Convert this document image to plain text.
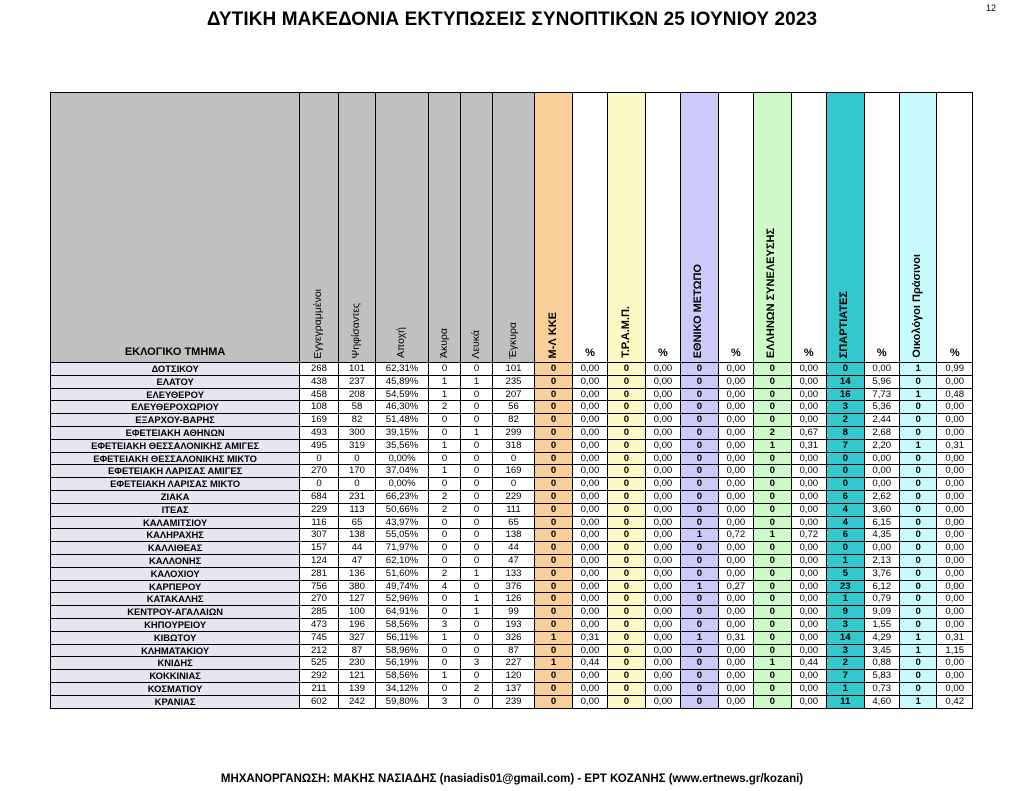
12
ΔΥΤΙΚΗ ΜΑΚΕΔΟΝΙΑ ΕΚΤΥΠΩΣΕΙΣ ΣΥΝΟΠΤΙΚΩΝ 25 ΙΟΥΝΙΟΥ 2023
ΕΚΛΟΓΙΚΟ ΤΜΗΜΑ	Εγγεγραμμένοι	Ψηφίσαντες	Αποχή	Άκυρα	Λευκά	Έγκυρα	Μ-Λ ΚΚΕ	%	Τ.Ρ.Α.Μ.Π.	%	ΕΘΝΙΚΟ ΜΕΤΩΠΟ	%	ΕΛΛΗΝΩΝ ΣΥΝΕΛΕΥΣΗΣ	%	ΣΠΑΡΤΙΑΤΕΣ	%	Οικολόγοι Πράσινοι	%
ΔΟΤΣΙΚΟΥ	268	101	62,31%	0	0	101	0	0,00	0	0,00	0	0,00	0	0,00	0	0,00	1	0,99
ΕΛΑΤΟΥ	438	237	45,89%	1	1	235	0	0,00	0	0,00	0	0,00	0	0,00	14	5,96	0	0,00
ΕΛΕΥΘΕΡΟΥ	458	208	54,59%	1	0	207	0	0,00	0	0,00	0	0,00	0	0,00	16	7,73	1	0,48
ΕΛΕΥΘΕΡΟΧΩΡΙΟΥ	108	58	46,30%	2	0	56	0	0,00	0	0,00	0	0,00	0	0,00	3	5,36	0	0,00
ΕΞΑΡΧΟΥ-ΒΑΡΗΣ	169	82	51,48%	0	0	82	0	0,00	0	0,00	0	0,00	0	0,00	2	2,44	0	0,00
ΕΦΕΤΕΙΑΚΗ ΑΘΗΝΩΝ	493	300	39,15%	0	1	299	0	0,00	0	0,00	0	0,00	2	0,67	8	2,68	0	0,00
ΕΦΕΤΕΙΑΚΗ ΘΕΣΣΑΛΟΝΙΚΗΣ ΑΜΙΓΕΣ	495	319	35,56%	1	0	318	0	0,00	0	0,00	0	0,00	1	0,31	7	2,20	1	0,31
ΕΦΕΤΕΙΑΚΗ ΘΕΣΣΑΛΟΝΙΚΗΣ ΜΙΚΤΟ	0	0	0,00%	0	0	0	0	0,00	0	0,00	0	0,00	0	0,00	0	0,00	0	0,00
ΕΦΕΤΕΙΑΚΗ ΛΑΡΙΣΑΣ ΑΜΙΓΕΣ	270	170	37,04%	1	0	169	0	0,00	0	0,00	0	0,00	0	0,00	0	0,00	0	0,00
ΕΦΕΤΕΙΑΚΗ ΛΑΡΙΣΑΣ ΜΙΚΤΟ	0	0	0,00%	0	0	0	0	0,00	0	0,00	0	0,00	0	0,00	0	0,00	0	0,00
ΖΙΑΚΑ	684	231	66,23%	2	0	229	0	0,00	0	0,00	0	0,00	0	0,00	6	2,62	0	0,00
ΙΤΕΑΣ	229	113	50,66%	2	0	111	0	0,00	0	0,00	0	0,00	0	0,00	4	3,60	0	0,00
ΚΑΛΑΜΙΤΣΙΟΥ	116	65	43,97%	0	0	65	0	0,00	0	0,00	0	0,00	0	0,00	4	6,15	0	0,00
ΚΑΛΗΡΑΧΗΣ	307	138	55,05%	0	0	138	0	0,00	0	0,00	1	0,72	1	0,72	6	4,35	0	0,00
ΚΑΛΛΙΘΕΑΣ	157	44	71,97%	0	0	44	0	0,00	0	0,00	0	0,00	0	0,00	0	0,00	0	0,00
ΚΑΛΛΟΝΗΣ	124	47	62,10%	0	0	47	0	0,00	0	0,00	0	0,00	0	0,00	1	2,13	0	0,00
ΚΑΛΟΧΙΟΥ	281	136	51,60%	2	1	133	0	0,00	0	0,00	0	0,00	0	0,00	5	3,76	0	0,00
ΚΑΡΠΕΡΟΥ	756	380	49,74%	4	0	376	0	0,00	0	0,00	1	0,27	0	0,00	23	6,12	0	0,00
ΚΑΤΑΚΑΛΗΣ	270	127	52,96%	0	1	126	0	0,00	0	0,00	0	0,00	0	0,00	1	0,79	0	0,00
ΚΕΝΤΡΟΥ-ΑΓΑΛΑΙΩΝ	285	100	64,91%	0	1	99	0	0,00	0	0,00	0	0,00	0	0,00	9	9,09	0	0,00
ΚΗΠΟΥΡΕΙΟΥ	473	196	58,56%	3	0	193	0	0,00	0	0,00	0	0,00	0	0,00	3	1,55	0	0,00
ΚΙΒΩΤΟΥ	745	327	56,11%	1	0	326	1	0,31	0	0,00	1	0,31	0	0,00	14	4,29	1	0,31
ΚΛΗΜΑΤΑΚΙΟΥ	212	87	58,96%	0	0	87	0	0,00	0	0,00	0	0,00	0	0,00	3	3,45	1	1,15
ΚΝΙΔΗΣ	525	230	56,19%	0	3	227	1	0,44	0	0,00	0	0,00	1	0,44	2	0,88	0	0,00
ΚΟΚΚΙΝΙΑΣ	292	121	58,56%	1	0	120	0	0,00	0	0,00	0	0,00	0	0,00	7	5,83	0	0,00
ΚΟΣΜΑΤΙΟΥ	211	139	34,12%	0	2	137	0	0,00	0	0,00	0	0,00	0	0,00	1	0,73	0	0,00
ΚΡΑΝΙΑΣ	602	242	59,80%	3	0	239	0	0,00	0	0,00	0	0,00	0	0,00	11	4,60	1	0,42
ΜΗΧΑΝΟΡΓΑΝΩΣΗ: ΜΑΚΗΣ ΝΑΣΙΑΔΗΣ (nasiadis01@gmail.com) - ΕΡΤ ΚΟΖΑΝΗΣ (www.ertnews.gr/kozani)
